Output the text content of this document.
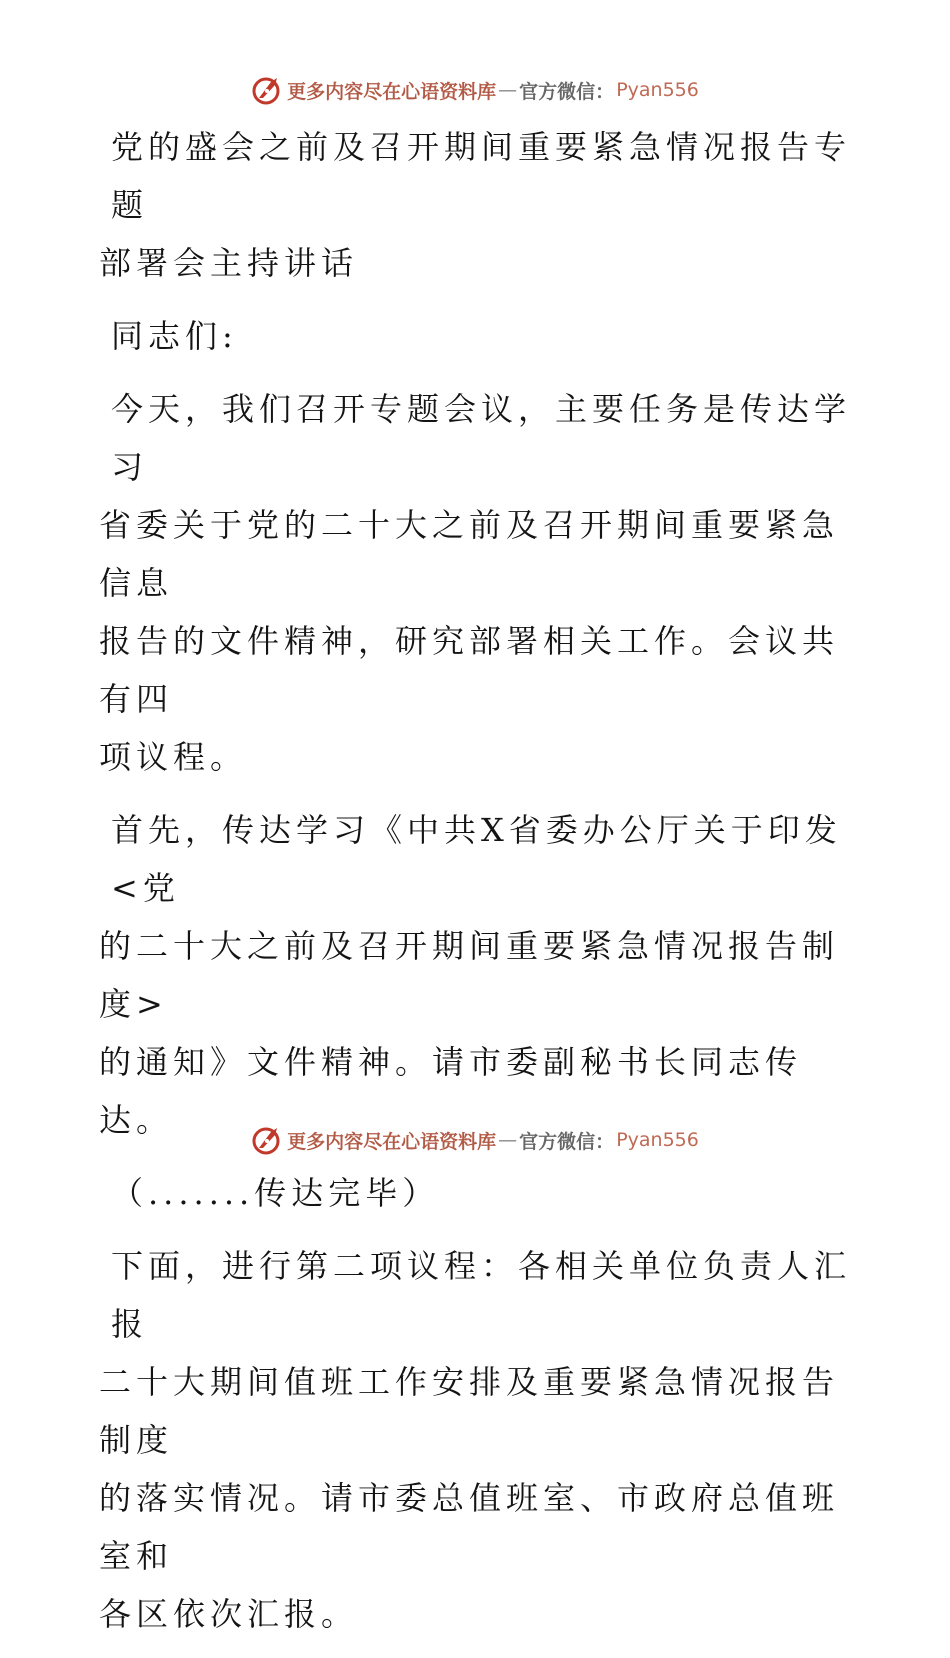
更多内容尽在心语资料库 — 官方微信： Pyan556
党的盛会之前及召开期间重要紧急情况报告专题
部署会主持讲话
同志们:
今天，我们召开专题会议，主要任务是传达学习
省委关于党的二十大之前及召开期间重要紧急信息
报告的文件精神，研究部署相关工作。会议共有四
项议程。
首先，传达学习《中共X省委办公厅关于印发<党
的二十大之前及召开期间重要紧急情况报告制度>
的通知》文件精神。请市委副秘书长同志传达。
（.......传达完毕）
下面，进行第二项议程：各相关单位负责人汇报
二十大期间值班工作安排及重要紧急情况报告制度
的落实情况。请市委总值班室、市政府总值班室和
各区依次汇报。
更多内容尽在心语资料库 — 官方微信： Pyan556
